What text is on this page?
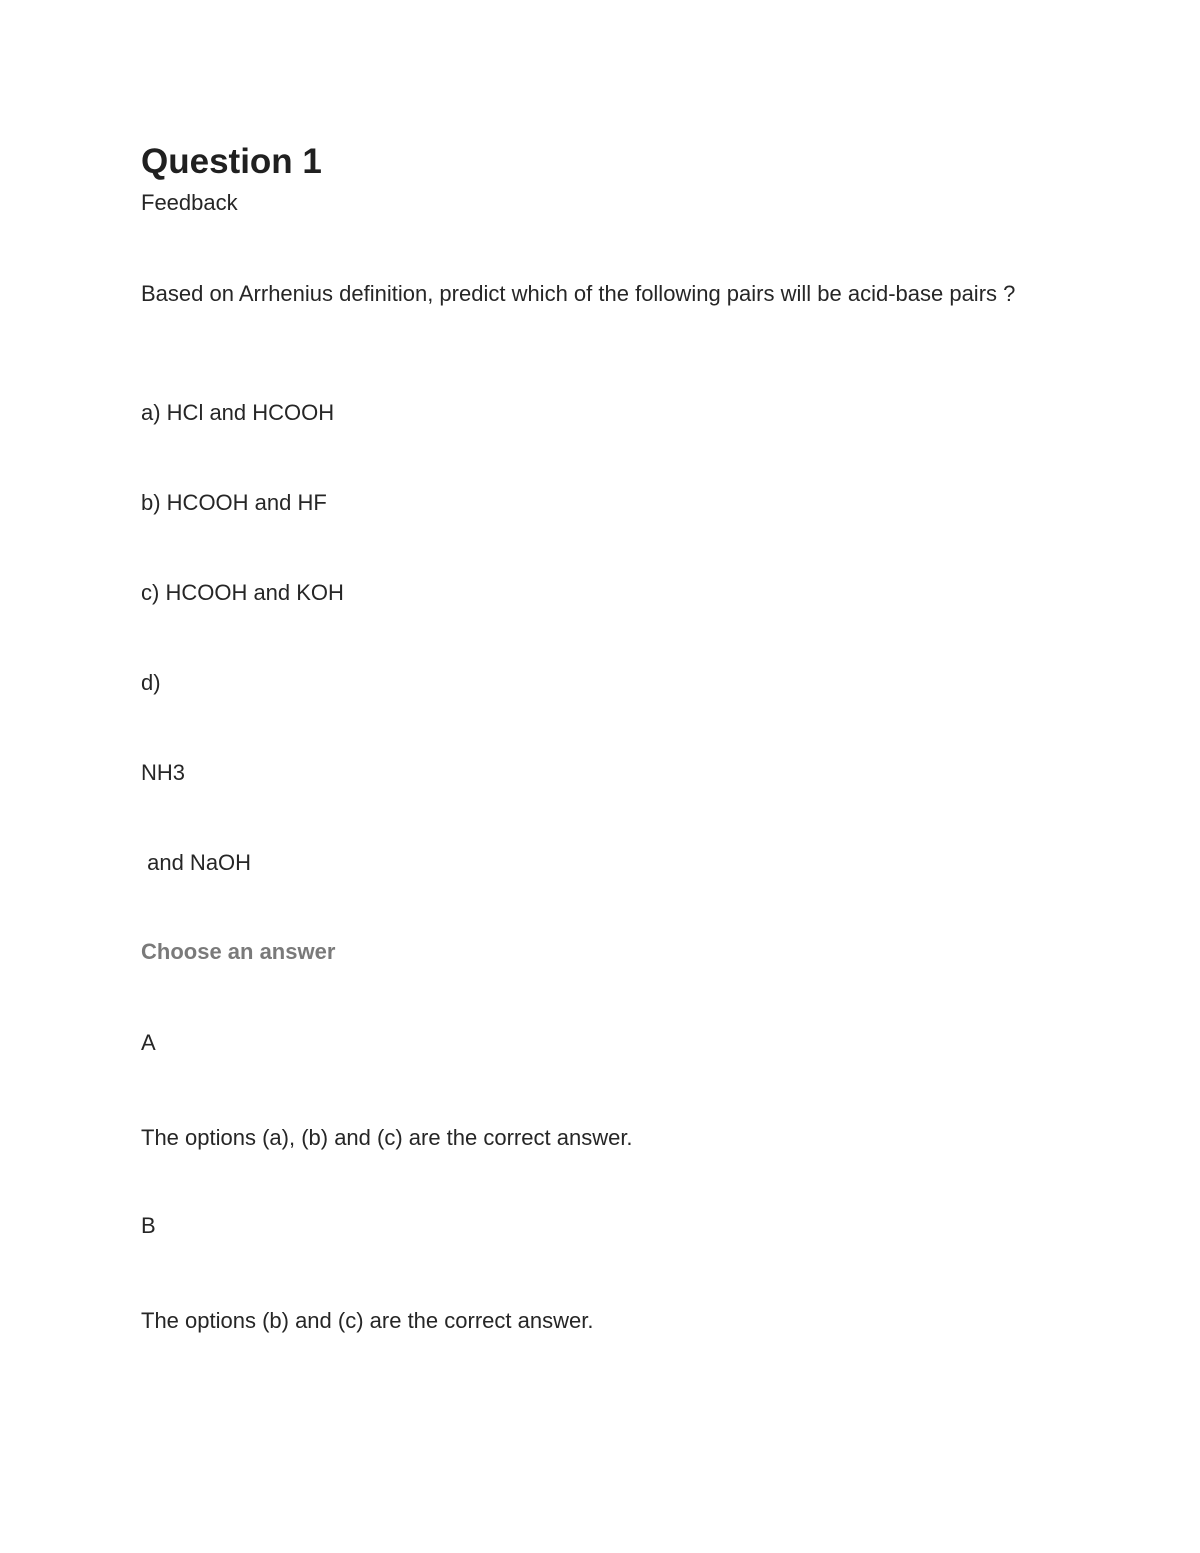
Question 1
Feedback
Based on Arrhenius definition, predict which of the following pairs will be acid-base pairs ?
a) HCl and HCOOH
b) HCOOH and HF
c) HCOOH and KOH
d)
NH3
and NaOH
Choose an answer
A
The options (a), (b) and (c) are the correct answer.
B
The options (b) and (c) are the correct answer.
